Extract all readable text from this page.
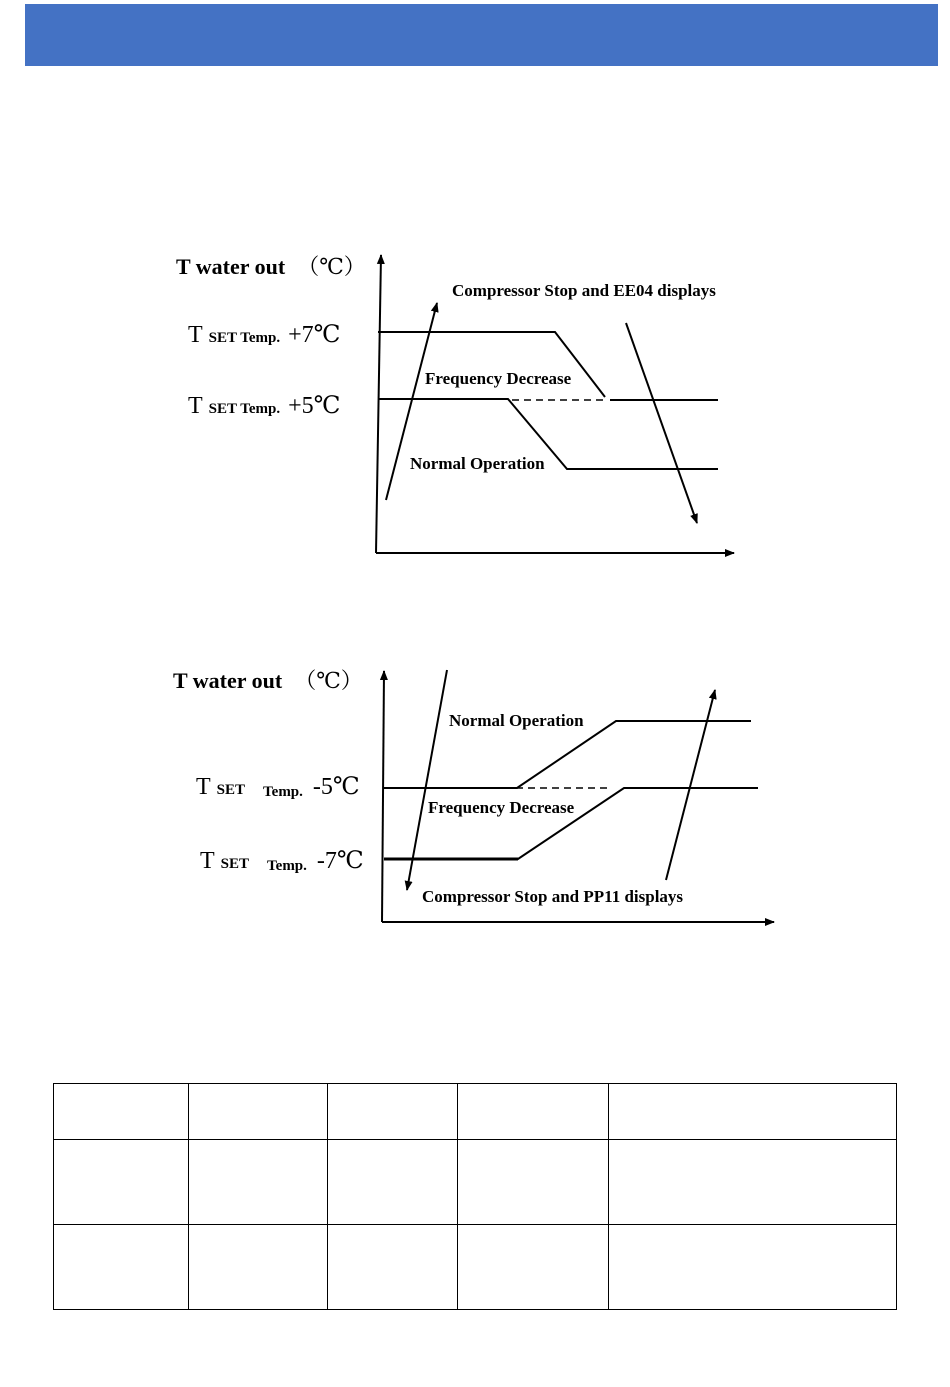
T water out （℃）
T SET Temp. +7℃
T SET Temp. +5℃
Compressor Stop and EE04 displays
Frequency Decrease
Normal Operation
T water out （℃）
T SET Temp. -5℃
T SET Temp. -7℃
Normal Operation
Frequency Decrease
Compressor Stop and PP11 displays
